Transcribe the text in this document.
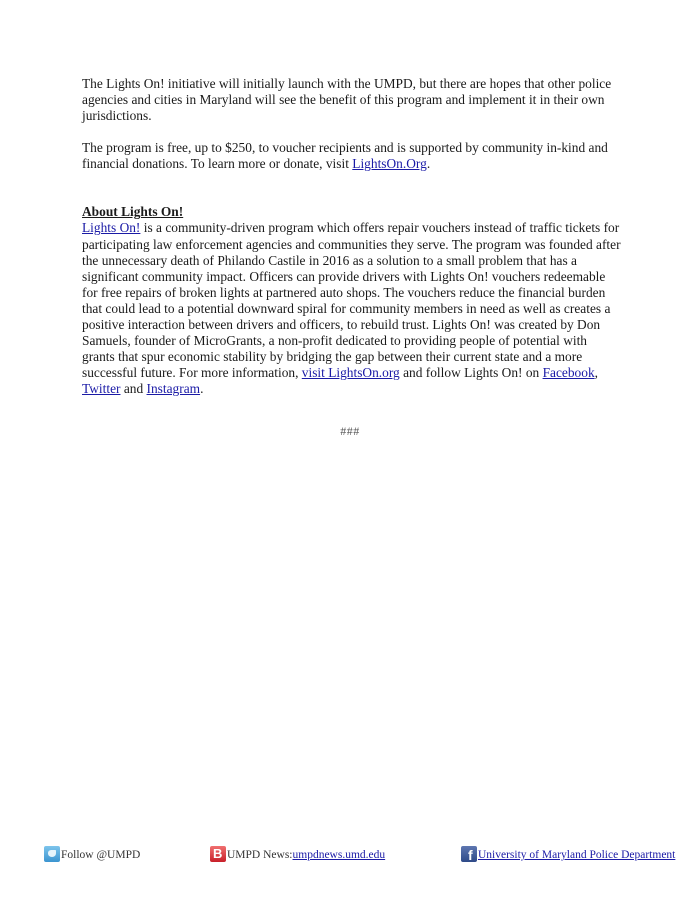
The Lights On! initiative will initially launch with the UMPD, but there are hopes that other police agencies and cities in Maryland will see the benefit of this program and implement it in their own jurisdictions.

The program is free, up to $250, to voucher recipients and is supported by community in-kind and financial donations. To learn more or donate, visit LightsOn.Org.

About Lights On!

Lights On! is a community-driven program which offers repair vouchers instead of traffic tickets for participating law enforcement agencies and communities they serve. The program was founded after the unnecessary death of Philando Castile in 2016 as a solution to a small problem that has a significant community impact. Officers can provide drivers with Lights On! vouchers redeemable for free repairs of broken lights at partnered auto shops. The vouchers reduce the financial burden that could lead to a potential downward spiral for community members in need as well as creates a positive interaction between drivers and officers, to rebuild trust. Lights On! was created by Don Samuels, founder of MicroGrants, a non-profit dedicated to providing people of potential with grants that spur economic stability by bridging the gap between their current state and a more successful future. For more information, visit LightsOn.org and follow Lights On! on Facebook, Twitter and Instagram.

###
Follow @UMPD B	UMPD News: umpdnews.umd.edu f	University of Maryland Police Department
